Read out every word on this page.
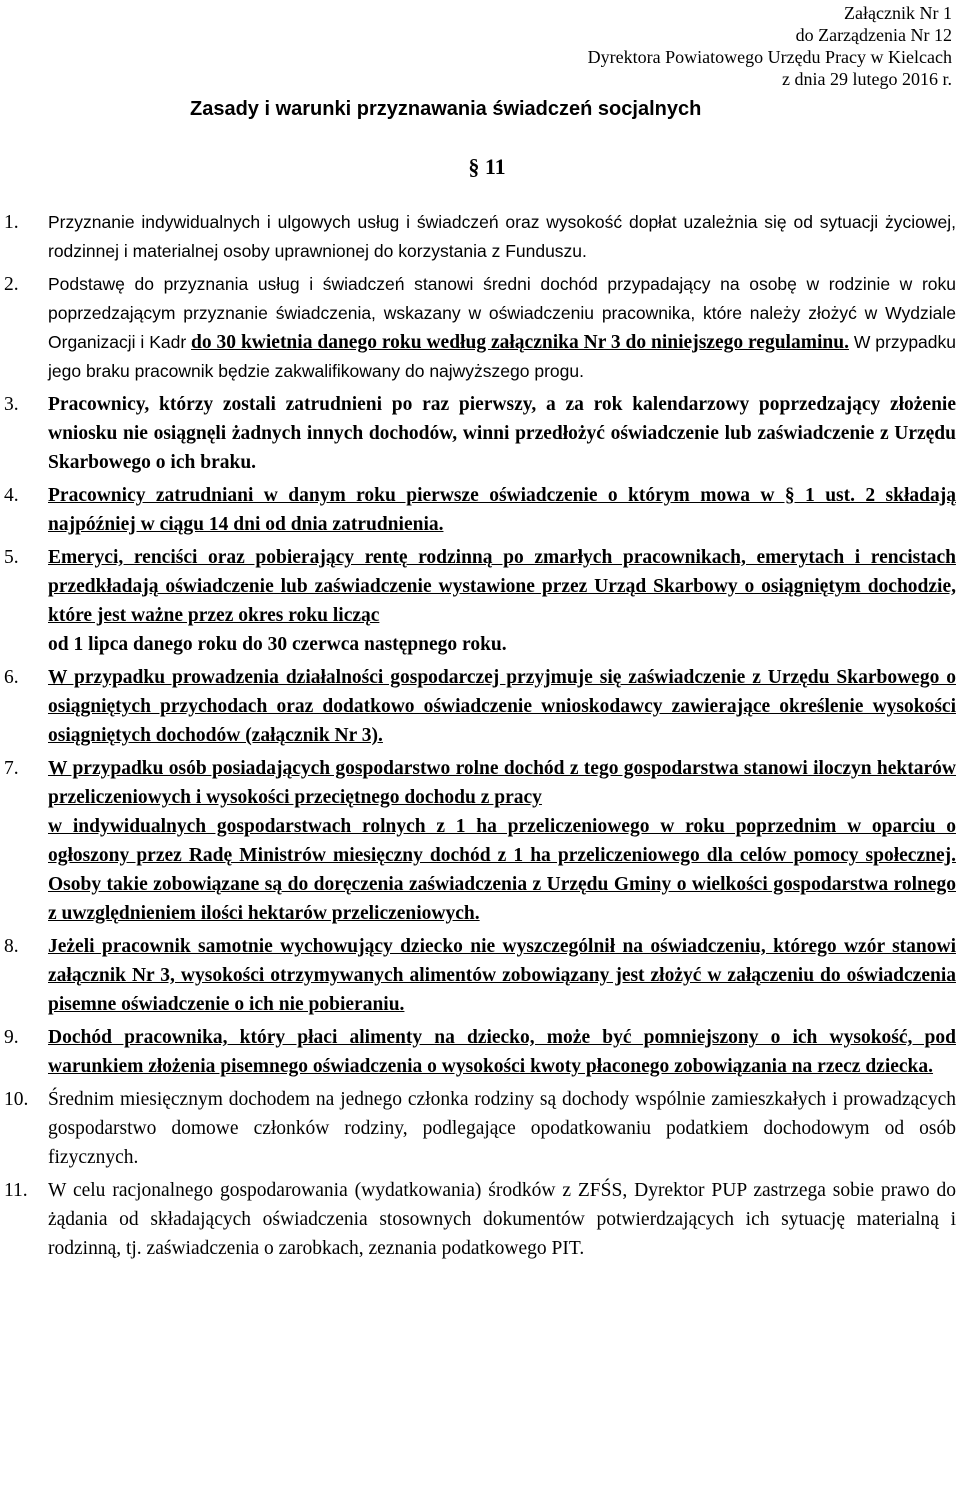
Załącznik Nr 1
do Zarządzenia Nr 12
Dyrektora Powiatowego Urzędu Pracy w Kielcach
z dnia 29 lutego 2016 r.
Zasady i warunki przyznawania świadczeń socjalnych
§ 11
1. Przyznanie indywidualnych i ulgowych usług i świadczeń oraz wysokość dopłat uzależnia się od sytuacji życiowej, rodzinnej i materialnej osoby uprawnionej do korzystania z Funduszu.
2. Podstawę do przyznania usług i świadczeń stanowi średni dochód przypadający na osobę w rodzinie w roku poprzedzającym przyznanie świadczenia, wskazany w oświadczeniu pracownika, które należy złożyć w Wydziale Organizacji i Kadr do 30 kwietnia danego roku według załącznika Nr 3 do niniejszego regulaminu. W przypadku jego braku pracownik będzie zakwalifikowany do najwyższego progu.
3. Pracownicy, którzy zostali zatrudnieni po raz pierwszy, a za rok kalendarzowy poprzedzający złożenie wniosku nie osiągnęli żadnych innych dochodów, winni przedłożyć oświadczenie lub zaświadczenie z Urzędu Skarbowego o ich braku.
4. Pracownicy zatrudniani w danym roku pierwsze oświadczenie o którym mowa w § 1 ust. 2 składają najpóźniej w ciągu 14 dni od dnia zatrudnienia.
5. Emeryci, renciści oraz pobierający rentę rodzinną po zmarłych pracownikach, emerytach i rencistach przedkładają oświadczenie lub zaświadczenie wystawione przez Urząd Skarbowy o osiągniętym dochodzie, które jest ważne przez okres roku licząc
od 1 lipca danego roku do 30 czerwca następnego roku.
6. W przypadku prowadzenia działalności gospodarczej przyjmuje się zaświadczenie z Urzędu Skarbowego o osiągniętych przychodach oraz dodatkowo oświadczenie wnioskodawcy zawierające określenie wysokości osiągniętych dochodów (załącznik Nr 3).
7. W przypadku osób posiadających gospodarstwo rolne dochód z tego gospodarstwa stanowi iloczyn hektarów przeliczeniowych i wysokości przeciętnego dochodu z pracy
w indywidualnych gospodarstwach rolnych z 1 ha przeliczeniowego w roku poprzednim w oparciu o ogłoszony przez Radę Ministrów miesięczny dochód z 1 ha przeliczeniowego dla celów pomocy społecznej. Osoby takie zobowiązane są do doręczenia zaświadczenia z Urzędu Gminy o wielkości gospodarstwa rolnego z uwzględnieniem ilości hektarów przeliczeniowych.
8. Jeżeli pracownik samotnie wychowujący dziecko nie wyszczególnił na oświadczeniu, którego wzór stanowi załącznik Nr 3, wysokości otrzymywanych alimentów zobowiązany jest złożyć w załączeniu do oświadczenia pisemne oświadczenie o ich nie pobieraniu.
9. Dochód pracownika, który płaci alimenty na dziecko, może być pomniejszony o ich wysokość, pod warunkiem złożenia pisemnego oświadczenia o wysokości kwoty płaconego zobowiązania na rzecz dziecka.
10. Średnim miesięcznym dochodem na jednego członka rodziny są dochody wspólnie zamieszkałych i prowadzących gospodarstwo domowe członków rodziny, podlegające opodatkowaniu podatkiem dochodowym od osób fizycznych.
11. W celu racjonalnego gospodarowania (wydatkowania) środków z ZFŚS, Dyrektor PUP zastrzega sobie prawo do żądania od składających oświadczenia stosownych dokumentów potwierdzających ich sytuację materialną i rodzinną, tj. zaświadczenia o zarobkach, zeznania podatkowego PIT.
